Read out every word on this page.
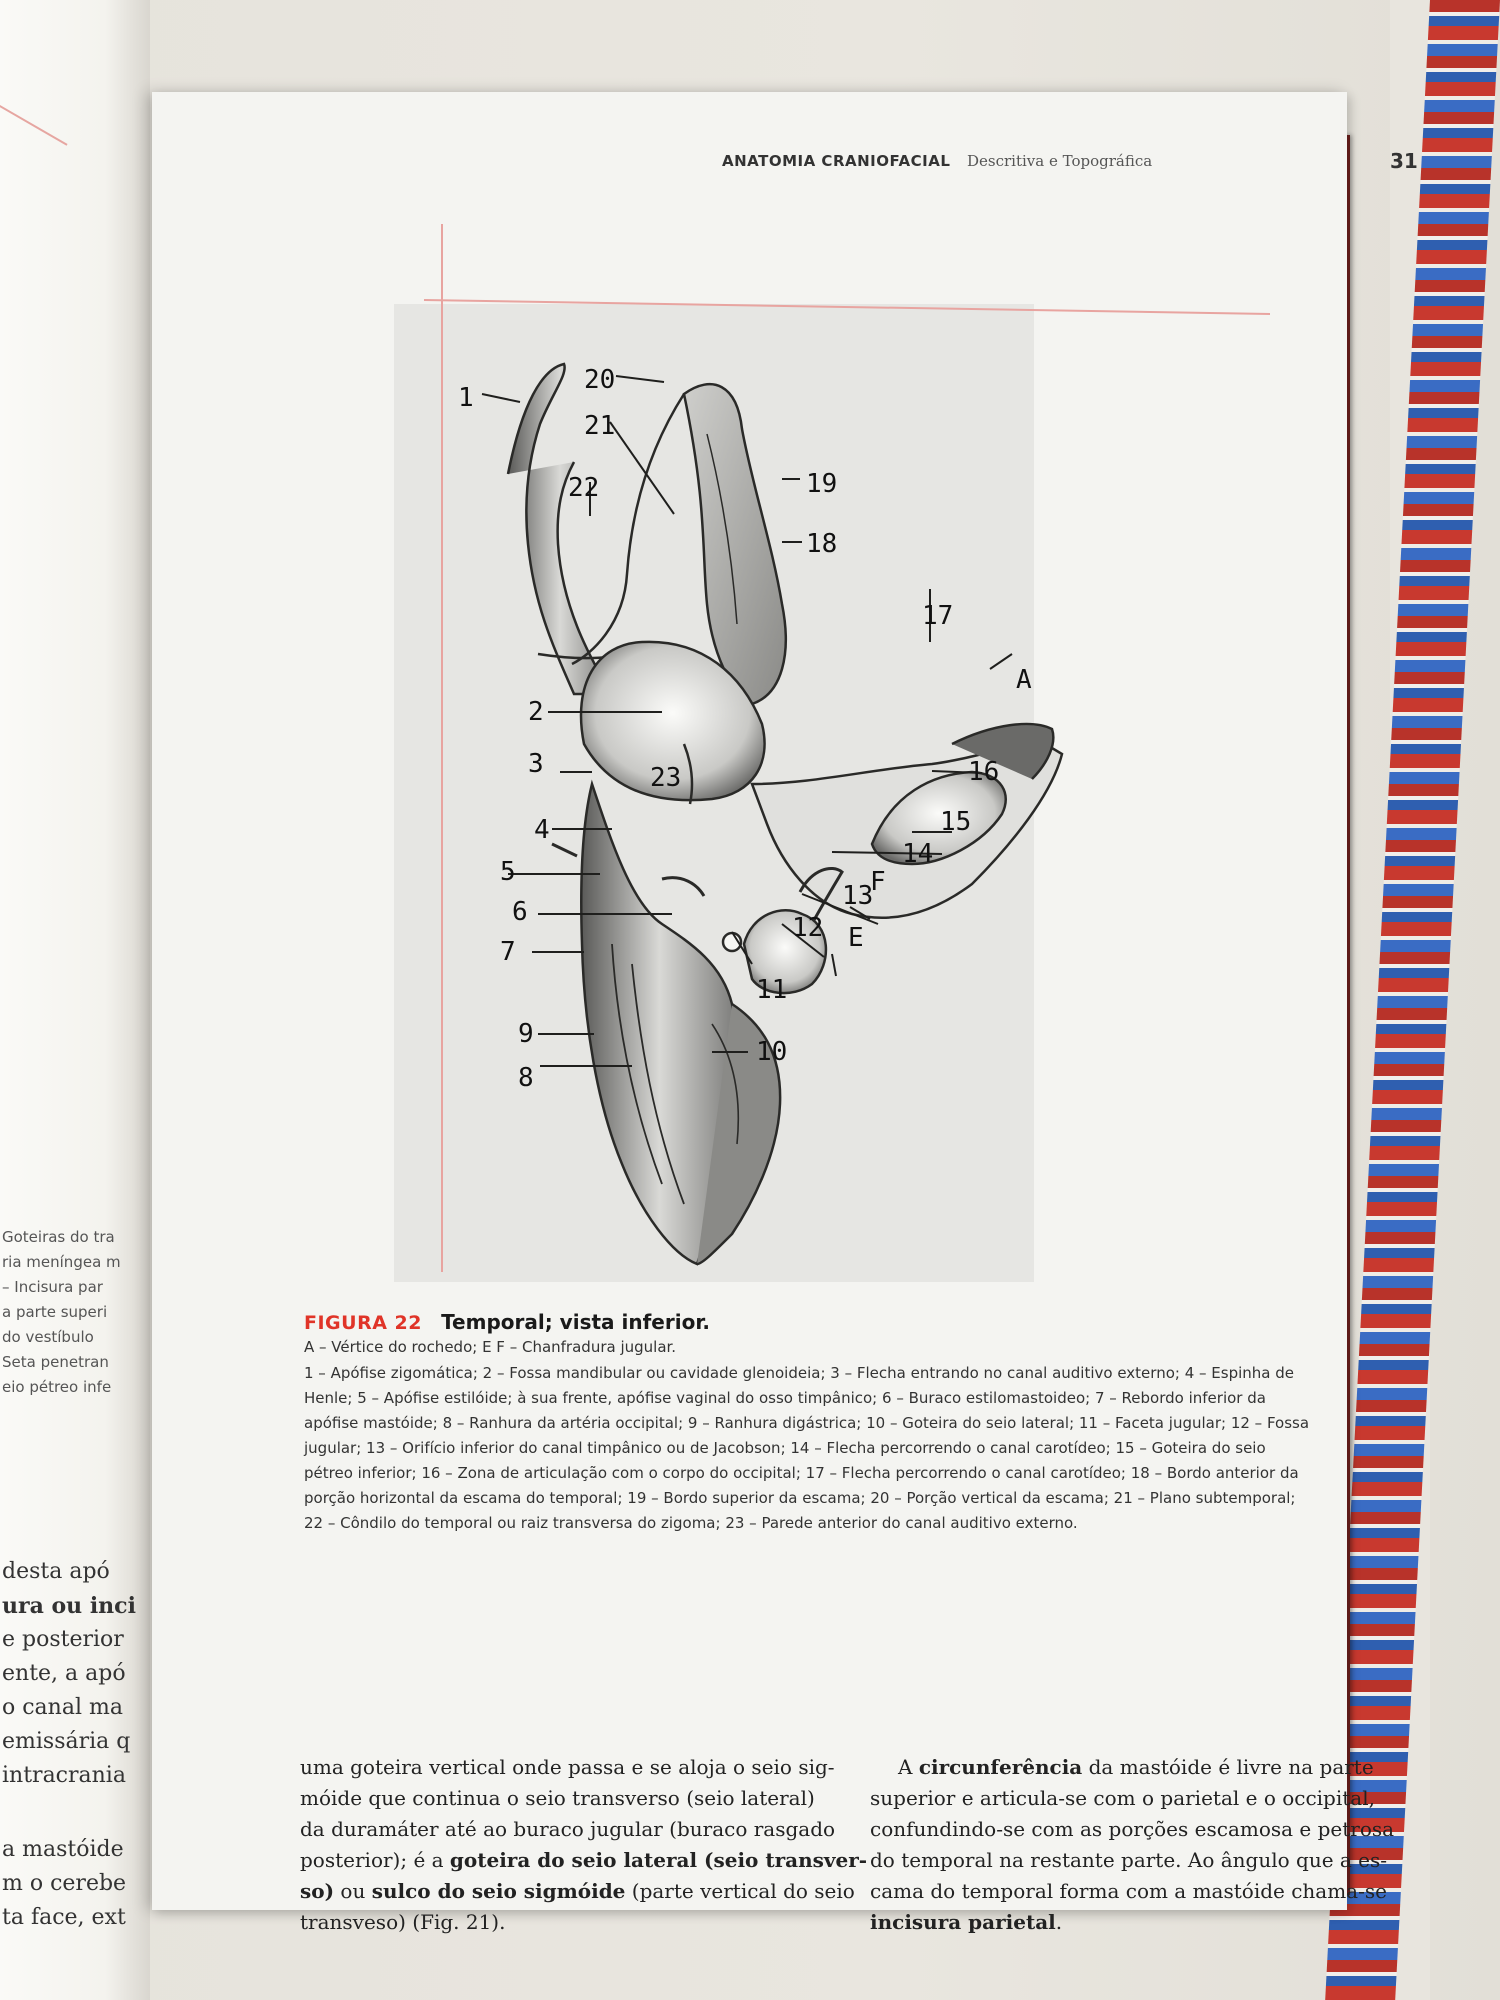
Goteiras do tra
ria meníngea m
– Incisura par
a parte superi
do vestíbulo
Seta penetran
eio pétreo infe
desta apó
ura ou inci
e posterior
ente, a apó
o canal ma
emissária q
intracrania
a mastóide
m o cerebe
ta face, ext
ANATOMIA CRANIOFACIAL Descritiva e Topográfica	31
1
2
3
4
5
6
7
8
9
10
11
12
13
14
15
16
17
18
19
20
21
22
23
A
E
F
FIGURA 22 Temporal; vista inferior.
A – Vértice do rochedo; E F – Chanfradura jugular.
1 – Apófise zigomática; 2 – Fossa mandibular ou cavidade glenoideia; 3 – Flecha entrando no canal auditivo externo; 4 – Espinha de
Henle; 5 – Apófise estilóide; à sua frente, apófise vaginal do osso timpânico; 6 – Buraco estilomastoideo; 7 – Rebordo inferior da
apófise mastóide; 8 – Ranhura da artéria occipital; 9 – Ranhura digástrica; 10 – Goteira do seio lateral; 11 – Faceta jugular; 12 – Fossa
jugular; 13 – Orifício inferior do canal timpânico ou de Jacobson; 14 – Flecha percorrendo o canal carotídeo; 15 – Goteira do seio
pétreo inferior; 16 – Zona de articulação com o corpo do occipital; 17 – Flecha percorrendo o canal carotídeo; 18 – Bordo anterior da
porção horizontal da escama do temporal; 19 – Bordo superior da escama; 20 – Porção vertical da escama; 21 – Plano subtemporal;
22 – Côndilo do temporal ou raiz transversa do zigoma; 23 – Parede anterior do canal auditivo externo.
uma goteira vertical onde passa e se aloja o seio sig-
móide que continua o seio transverso (seio lateral)
da duramáter até ao buraco jugular (buraco rasgado
posterior); é a goteira do seio lateral (seio transver-
so) ou sulco do seio sigmóide (parte vertical do seio
transveso) (Fig. 21).
A circunferência da mastóide é livre na parte
superior e articula-se com o parietal e o occipital,
confundindo-se com as porções escamosa e petrosa
do temporal na restante parte. Ao ângulo que a es-
cama do temporal forma com a mastóide chama-se
incisura parietal.
